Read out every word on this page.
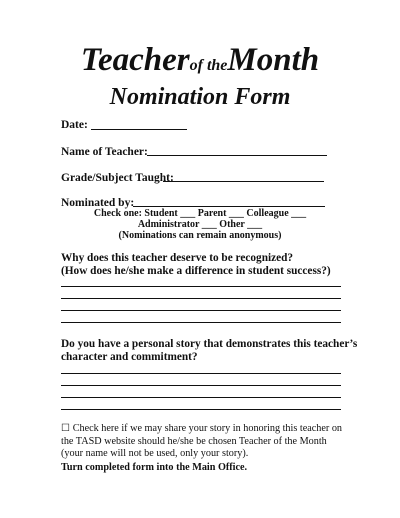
Teacherof theMonth
Nomination Form
Date:
Name of Teacher:
Grade/Subject Taught:
Nominated by:
Check one: Student ___ Parent ___ Colleague ___
Administrator ___ Other ___
(Nominations can remain anonymous)
Why does this teacher deserve to be recognized?
(How does he/she make a difference in student success?)
Do you have a personal story that demonstrates this teacher’s
character and commitment?
☐ Check here if we may share your story in honoring this teacher on the TASD website should he/she be chosen Teacher of the Month (your name will not be used, only your story).
Turn completed form into the Main Office.
